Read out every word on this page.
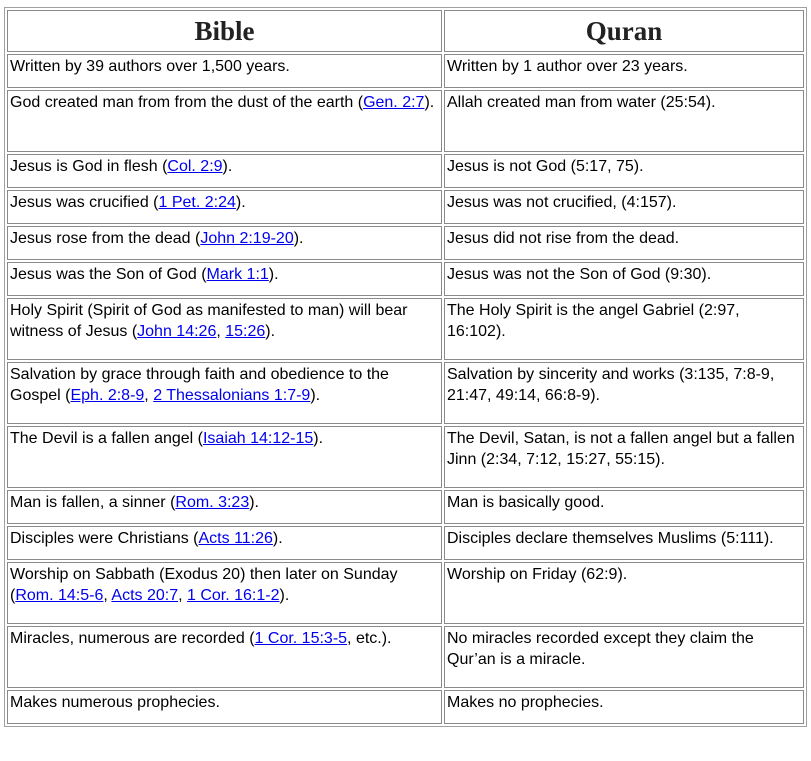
Bible	Quran
Written by 39 authors over 1,500 years.	Written by 1 author over 23 years.
God created man from from the dust of the earth (Gen. 2:7).	Allah created man from water (25:54).
Jesus is God in flesh (Col. 2:9).	Jesus is not God (5:17, 75).
Jesus was crucified (1 Pet. 2:24).	Jesus was not crucified, (4:157).
Jesus rose from the dead (John 2:19-20).	Jesus did not rise from the dead.
Jesus was the Son of God (Mark 1:1).	Jesus was not the Son of God (9:30).
Holy Spirit (Spirit of God as manifested to man) will bear witness of Jesus (John 14:26, 15:26).	The Holy Spirit is the angel Gabriel (2:97, 16:102).
Salvation by grace through faith and obedience to the Gospel (Eph. 2:8-9, 2 Thessalonians 1:7-9).	Salvation by sincerity and works (3:135, 7:8-9, 21:47, 49:14, 66:8-9).
The Devil is a fallen angel (Isaiah 14:12-15).	The Devil, Satan, is not a fallen angel but a fallen Jinn (2:34, 7:12, 15:27, 55:15).
Man is fallen, a sinner (Rom. 3:23).	Man is basically good.
Disciples were Christians (Acts 11:26).	Disciples declare themselves Muslims (5:111).
Worship on Sabbath (Exodus 20) then later on Sunday (Rom. 14:5-6, Acts 20:7, 1 Cor. 16:1-2).	Worship on Friday (62:9).
Miracles, numerous are recorded (1 Cor. 15:3-5, etc.).	No miracles recorded except they claim the Qur’an is a miracle.
Makes numerous prophecies.	Makes no prophecies.
